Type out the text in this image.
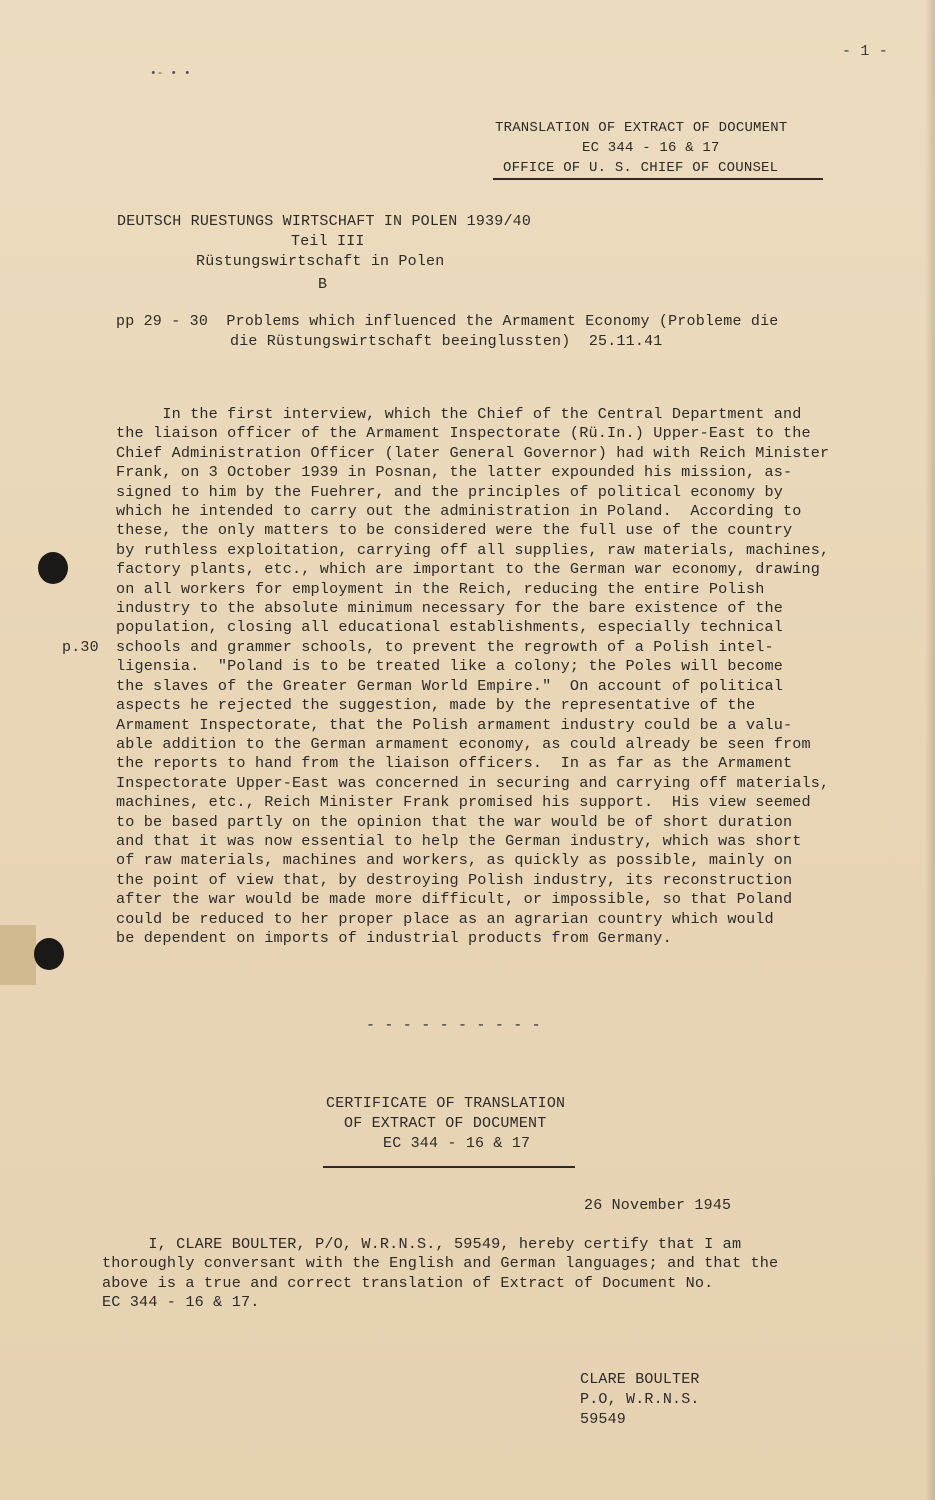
- 1 -
•- • •
TRANSLATION OF EXTRACT OF DOCUMENT
EC 344 - 16 & 17
OFFICE OF U. S. CHIEF OF COUNSEL
DEUTSCH RUESTUNGS WIRTSCHAFT IN POLEN 1939/40
Teil III
Rüstungswirtschaft in Polen
B
pp 29 - 30  Problems which influenced the Armament Economy (Probleme die
die Rüstungswirtschaft beeinglussten)  25.11.41
p.30
In the first interview, which the Chief of the Central Department and
the liaison officer of the Armament Inspectorate (Rü.In.) Upper-East to the
Chief Administration Officer (later General Governor) had with Reich Minister
Frank, on 3 October 1939 in Posnan, the latter expounded his mission, as-
signed to him by the Fuehrer, and the principles of political economy by
which he intended to carry out the administration in Poland.  According to
these, the only matters to be considered were the full use of the country
by ruthless exploitation, carrying off all supplies, raw materials, machines,
factory plants, etc., which are important to the German war economy, drawing
on all workers for employment in the Reich, reducing the entire Polish
industry to the absolute minimum necessary for the bare existence of the
population, closing all educational establishments, especially technical
schools and grammer schools, to prevent the regrowth of a Polish intel-
ligensia.  "Poland is to be treated like a colony; the Poles will become
the slaves of the Greater German World Empire."  On account of political
aspects he rejected the suggestion, made by the representative of the
Armament Inspectorate, that the Polish armament industry could be a valu-
able addition to the German armament economy, as could already be seen from
the reports to hand from the liaison officers.  In as far as the Armament
Inspectorate Upper-East was concerned in securing and carrying off materials,
machines, etc., Reich Minister Frank promised his support.  His view seemed
to be based partly on the opinion that the war would be of short duration
and that it was now essential to help the German industry, which was short
of raw materials, machines and workers, as quickly as possible, mainly on
the point of view that, by destroying Polish industry, its reconstruction
after the war would be made more difficult, or impossible, so that Poland
could be reduced to her proper place as an agrarian country which would
be dependent on imports of industrial products from Germany.
- - - - - - - - - -
CERTIFICATE OF TRANSLATION
OF EXTRACT OF DOCUMENT
EC 344 - 16 & 17
26 November 1945
I, CLARE BOULTER, P/O, W.R.N.S., 59549, hereby certify that I am
thoroughly conversant with the English and German languages; and that the
above is a true and correct translation of Extract of Document No.
EC 344 - 16 & 17.
CLARE BOULTER
P.O, W.R.N.S.
59549
